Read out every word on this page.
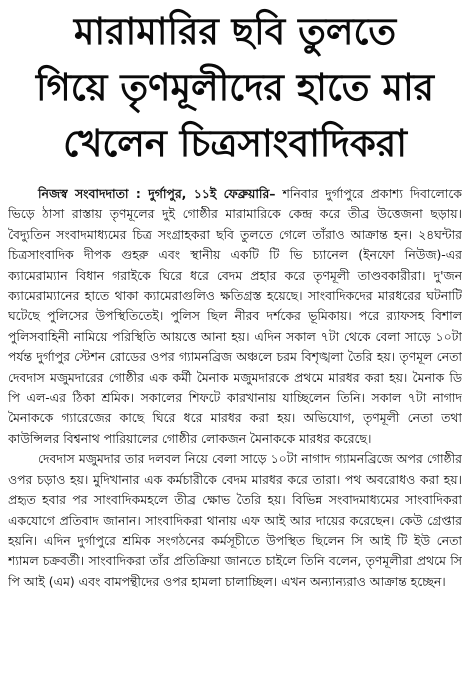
মারামারির ছবি তুলতে
গিয়ে তৃণমূলীদের হাতে মার
খেলেন চিত্রসাংবাদিকরা

নিজস্ব সংবাদদাতা : দুর্গাপুর, ১১ই ফেব্রুয়ারি– শনিবার দুর্গাপুরে প্রকাশ্য দিবালোকে ভিড়ে ঠাসা রাস্তায় তৃণমূলের দুই গোষ্ঠীর মারামারিকে কেন্দ্র করে তীব্র উত্তেজনা ছড়ায়। বৈদ্যুতিন সংবাদমাধ্যমের চিত্র সংগ্রাহকরা ছবি তুলতে গেলে তাঁরাও আক্রান্ত হন। ২৪ঘন্টার চিত্রসাংবাদিক দীপক গুহরু এবং স্থানীয় একটি টি ভি চ্যানেল (ইনফো নিউজ)-এর ক্যামেরাম্যান বিধান গরাইকে ঘিরে ধরে বেদম প্রহার করে তৃণমূলী তাণ্ডবকারীরা। দু'জন ক্যামেরাম্যানের হাতে থাকা ক্যামেরাগুলিও ক্ষতিগ্রস্ত হয়েছে। সাংবাদিকদের মারধরের ঘটনাটি ঘটেছে পুলিসের উপস্থিতিতেই। পুলিস ছিল নীরব দর্শকের ভূমিকায়। পরে র‍্যাফসহ বিশাল পুলিসবাহিনী নামিয়ে পরিস্থিতি আয়ত্তে আনা হয়। এদিন সকাল ৭টা থেকে বেলা সাড়ে ১০টা পর্যন্ত দুর্গাপুর স্টেশন রোডের ওপর গ্যামনব্রিজ অঞ্চলে চরম বিশৃঙ্খলা তৈরি হয়। তৃণমূল নেতা দেবদাস মজুমদারের গোষ্ঠীর এক কর্মী মৈনাক মজুমদারকে প্রথমে মারধর করা হয়। মৈনাক ডি পি এল-এর ঠিকা শ্রমিক। সকালের শিফটে কারখানায় যাচ্ছিলেন তিনি। সকাল ৭টা নাগাদ মৈনাককে গ্যারেজের কাছে ঘিরে ধরে মারধর করা হয়। অভিযোগ, তৃণমূলী নেতা তথা কাউন্সিলর বিশ্বনাথ পারিয়ালের গোষ্ঠীর লোকজন মৈনাককে মারধর করেছে।

দেবদাস মজুমদার তার দলবল নিয়ে বেলা সাড়ে ১০টা নাগাদ গ্যামনব্রিজে অপর গোষ্ঠীর ওপর চড়াও হয়। মুদিখানার এক কর্মচারীকে বেদম মারধর করে তারা। পথ অবরোধও করা হয়। প্রহৃত হবার পর সাংবাদিকমহলে তীব্র ক্ষোভ তৈরি হয়। বিভিন্ন সংবাদমাধ্যমের সাংবাদিকরা একযোগে প্রতিবাদ জানান। সাংবাদিকরা থানায় এফ আই আর দায়ের করেছেন। কেউ গ্রেপ্তার হয়নি। এদিন দুর্গাপুরে শ্রমিক সংগঠনের কর্মসূচীতে উপস্থিত ছিলেন সি আই টি ইউ নেতা শ্যামল চক্রবর্তী। সাংবাদিকরা তাঁর প্রতিক্রিয়া জানতে চাইলে তিনি বলেন, তৃণমূলীরা প্রথমে সি পি আই (এম) এবং বামপন্থীদের ওপর হামলা চালাচ্ছিল। এখন অন্যান্যরাও আক্রান্ত হচ্ছেন।
